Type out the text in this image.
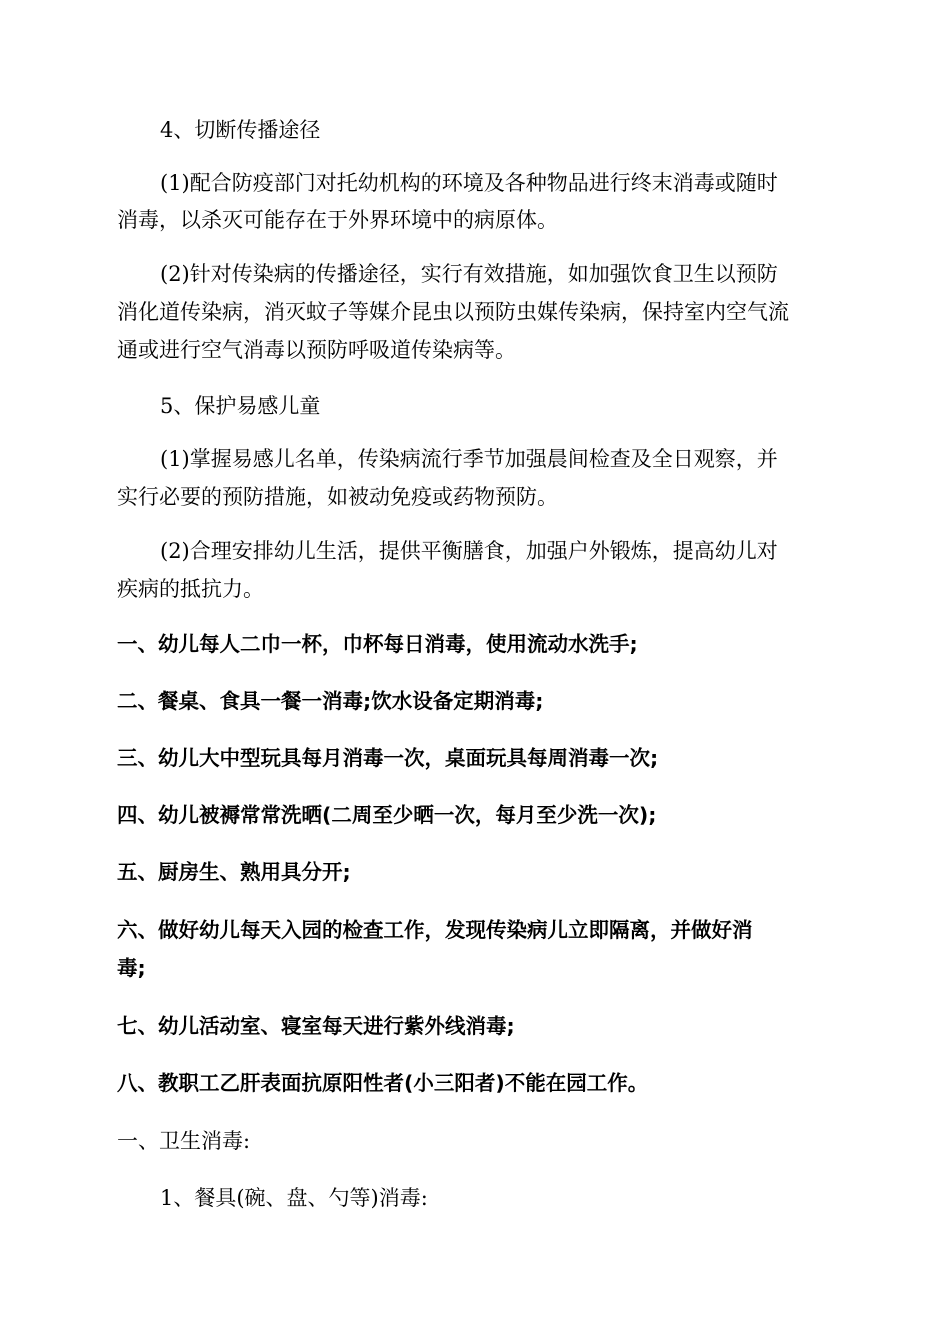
4、切断传播途径
(1)配合防疫部门对托幼机构的环境及各种物品进行终末消毒或随时
消毒，以杀灭可能存在于外界环境中的病原体。
(2)针对传染病的传播途径，实行有效措施，如加强饮食卫生以预防
消化道传染病，消灭蚊子等媒介昆虫以预防虫媒传染病，保持室内空气流
通或进行空气消毒以预防呼吸道传染病等。
5、保护易感儿童
(1)掌握易感儿名单，传染病流行季节加强晨间检查及全日观察，并
实行必要的预防措施，如被动免疫或药物预防。
(2)合理安排幼儿生活，提供平衡膳食，加强户外锻炼，提高幼儿对
疾病的抵抗力。
一、幼儿每人二巾一杯，巾杯每日消毒，使用流动水洗手;
二、餐桌、食具一餐一消毒;饮水设备定期消毒;
三、幼儿大中型玩具每月消毒一次，桌面玩具每周消毒一次;
四、幼儿被褥常常洗晒(二周至少晒一次，每月至少洗一次);
五、厨房生、熟用具分开;
六、做好幼儿每天入园的检查工作，发现传染病儿立即隔离，并做好消
毒;
七、幼儿活动室、寝室每天进行紫外线消毒;
八、教职工乙肝表面抗原阳性者(小三阳者)不能在园工作。
一、卫生消毒:
1、餐具(碗、盘、勺等)消毒:
